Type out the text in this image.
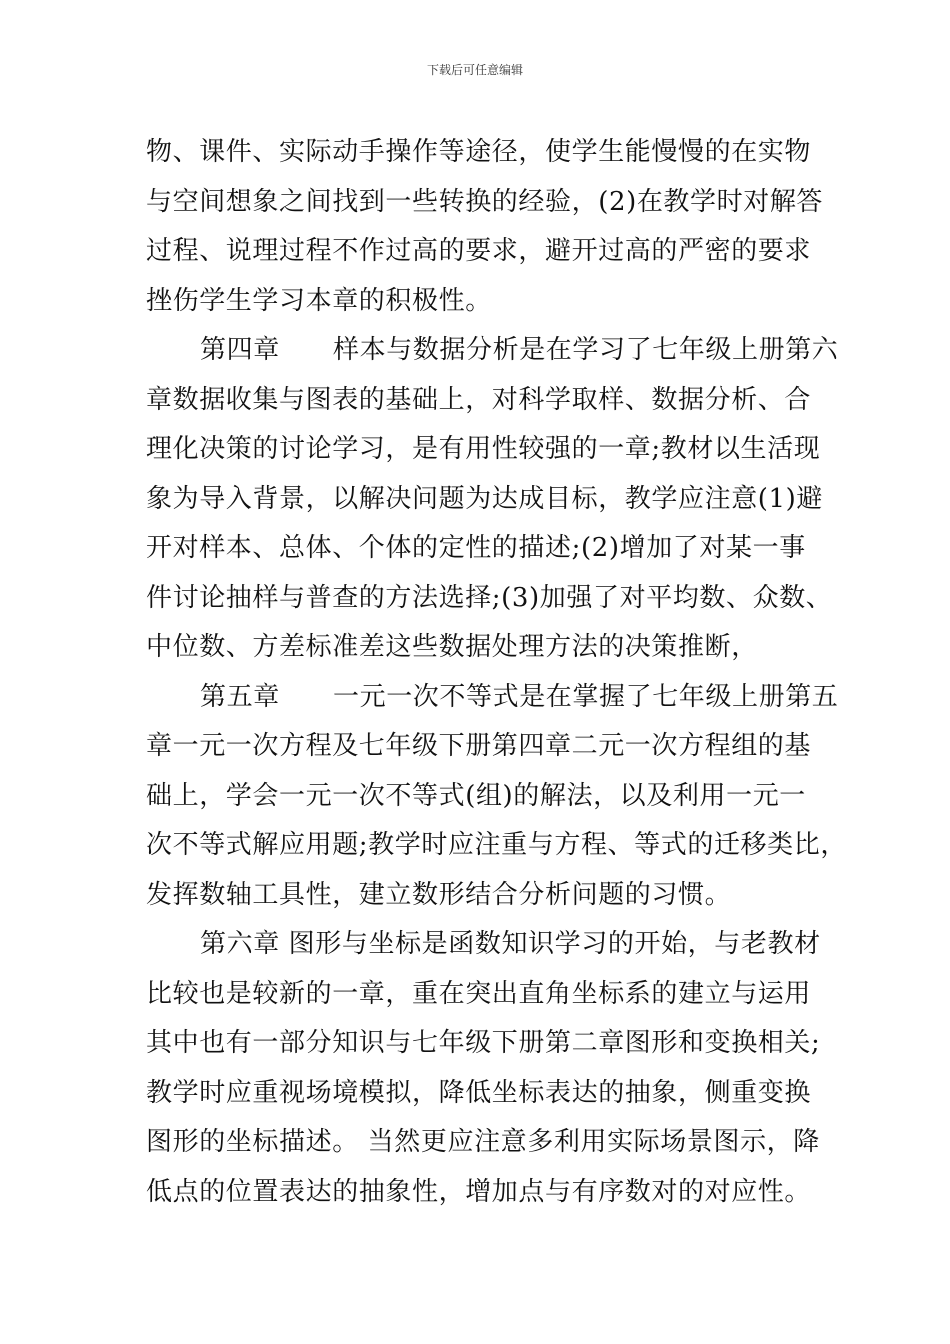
下载后可任意编辑
物、课件、实际动手操作等途径，使学生能慢慢的在实物
与空间想象之间找到一些转换的经验，(2)在教学时对解答
过程、说理过程不作过高的要求，避开过高的严密的要求
挫伤学生学习本章的积极性。
第四章　　样本与数据分析是在学习了七年级上册第六
章数据收集与图表的基础上，对科学取样、数据分析、合
理化决策的讨论学习，是有用性较强的一章;教材以生活现
象为导入背景，以解决问题为达成目标，教学应注意(1)避
开对样本、总体、个体的定性的描述;(2)增加了对某一事
件讨论抽样与普查的方法选择;(3)加强了对平均数、众数、
中位数、方差标准差这些数据处理方法的决策推断，
第五章　　一元一次不等式是在掌握了七年级上册第五
章一元一次方程及七年级下册第四章二元一次方程组的基
础上，学会一元一次不等式(组)的解法，以及利用一元一
次不等式解应用题;教学时应注重与方程、等式的迁移类比，
发挥数轴工具性，建立数形结合分析问题的习惯。
第六章 图形与坐标是函数知识学习的开始，与老教材
比较也是较新的一章，重在突出直角坐标系的建立与运用
其中也有一部分知识与七年级下册第二章图形和变换相关;
教学时应重视场境模拟，降低坐标表达的抽象，侧重变换
图形的坐标描述。 当然更应注意多利用实际场景图示，降
低点的位置表达的抽象性，增加点与有序数对的对应性。
